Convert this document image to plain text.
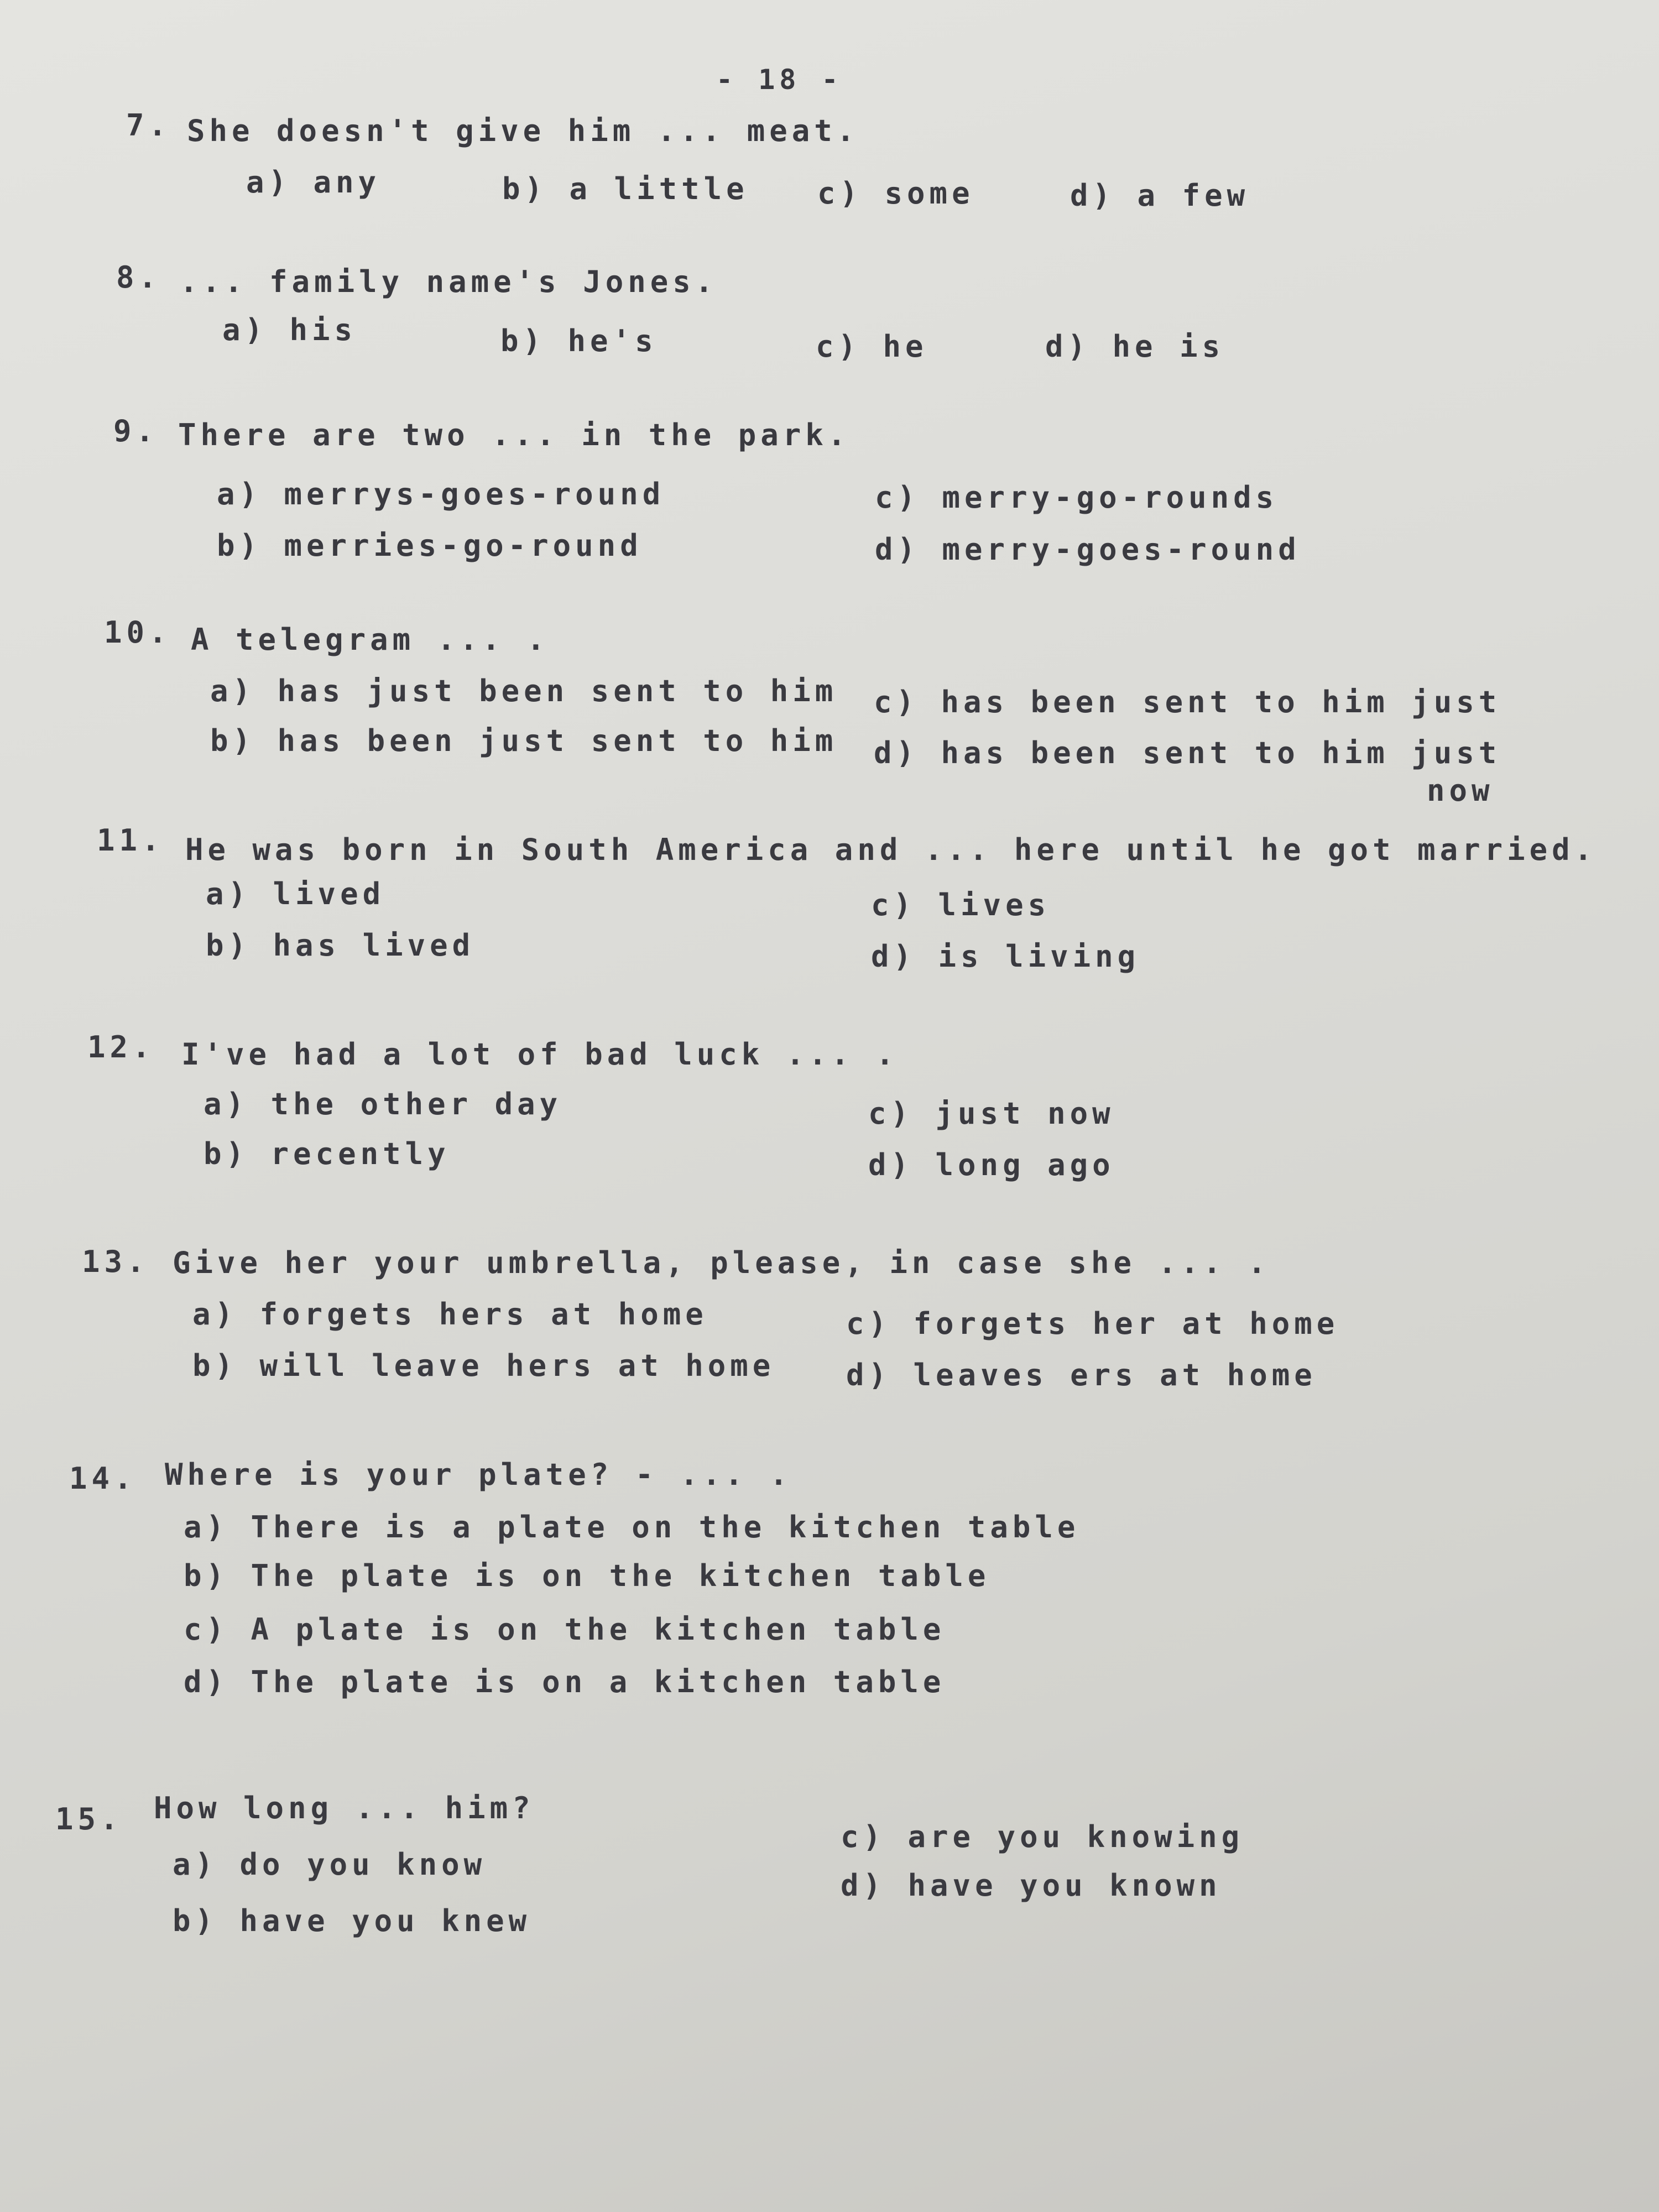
- 18 -
7. She doesn't give him ... meat.
a) any	b) a little c) some	d) a few
8. ... family name's Jones.
a) his	b) he's	c) he	d) he is
9. There are two ... in the park.
a) merrys-goes-round
b) merries-go-round
c) merry-go-rounds
d) merry-goes-round
10. A telegram ... .
a) has just been sent to him
b) has been just sent to him
c) has been sent to him just
d) has been sent to him just
now
11. He was born in South America and ... here until he got married.
a) lived
b) has lived
c) lives
d) is living
12. I've had a lot of bad luck ... .
a) the other day
b) recently
c) just now
d) long ago
13. Give her your umbrella, please, in case she ... .
a) forgets hers at home
b) will leave hers at home
c) forgets her at home
d) leaves ers at home
14. Where is your plate? - ... .
a) There is a plate on the kitchen table
b) The plate is on the kitchen table
c) A plate is on the kitchen table
d) The plate is on a kitchen table
15. How long ... him?
a) do you know
b) have you knew
c) are you knowing
d) have you known
